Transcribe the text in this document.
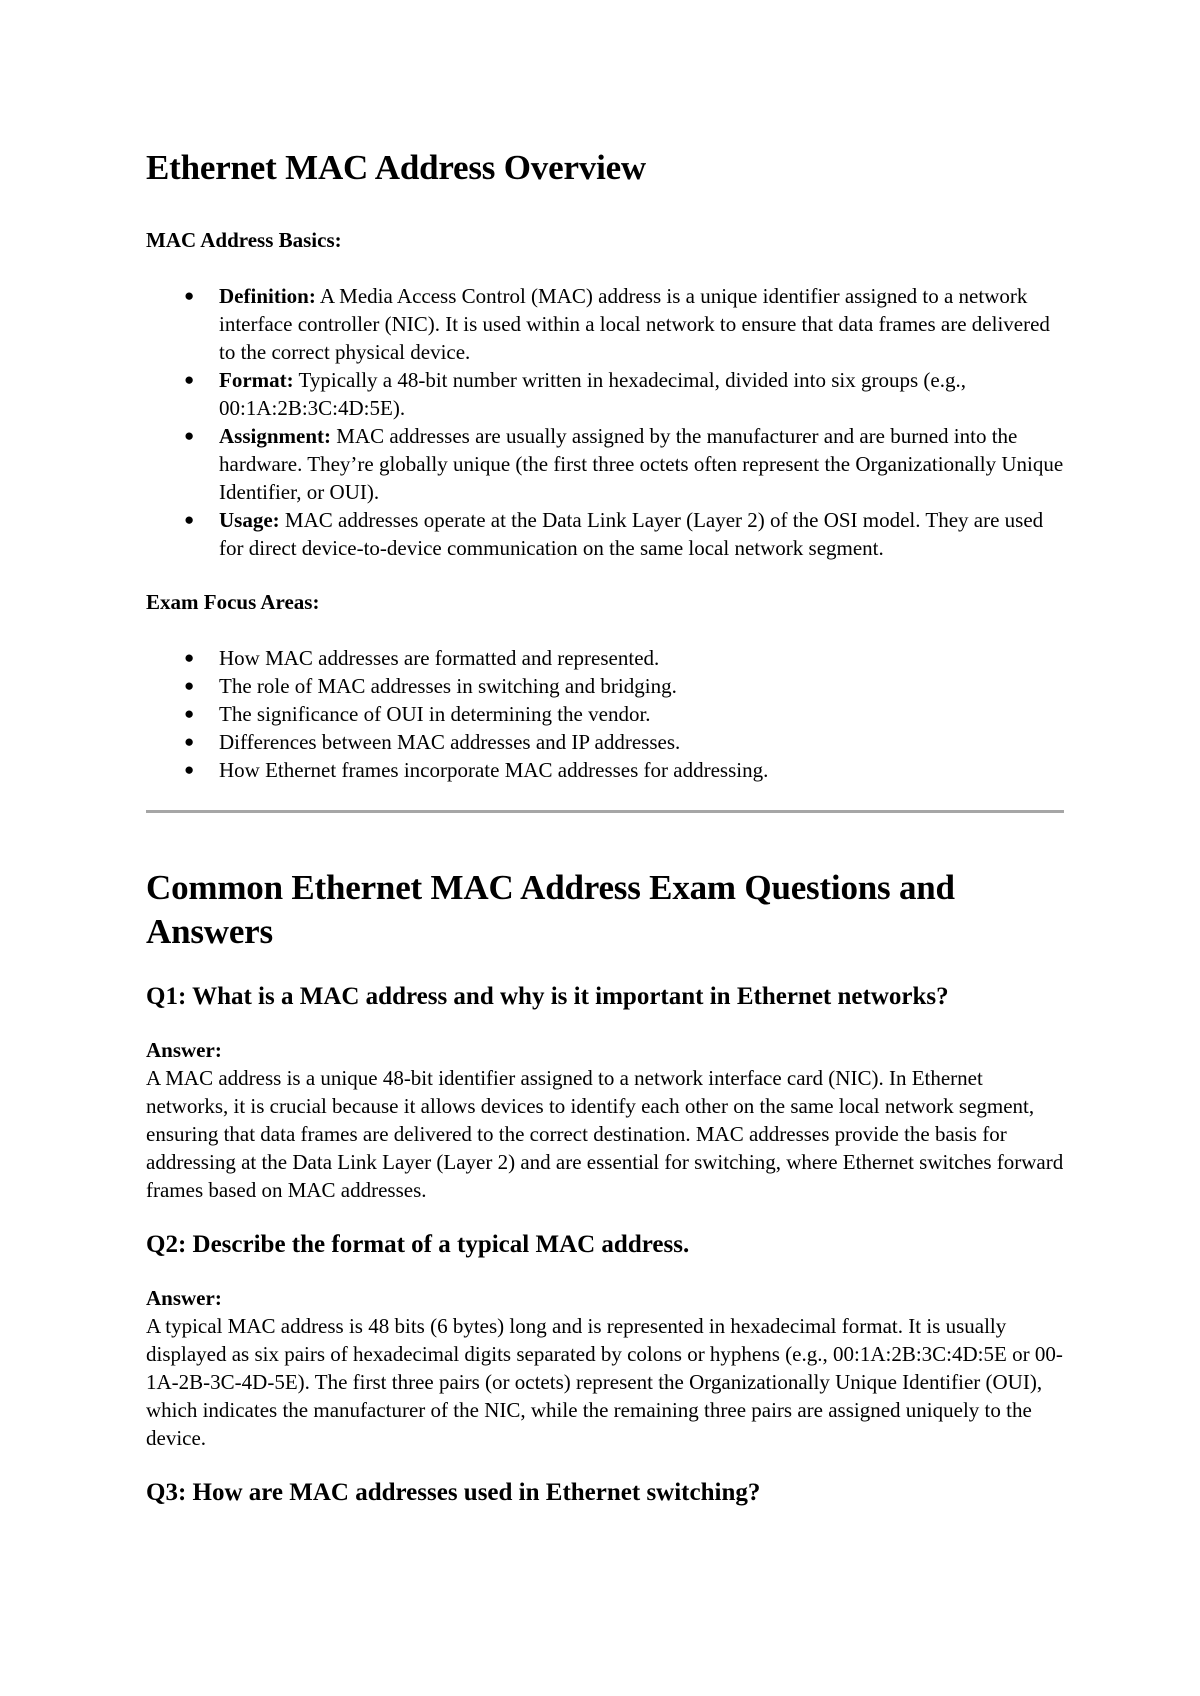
Ethernet MAC Address Overview

MAC Address Basics:

● Definition: A Media Access Control (MAC) address is a unique identifier assigned to a network interface controller (NIC). It is used within a local network to ensure that data frames are delivered to the correct physical device.
● Format: Typically a 48-bit number written in hexadecimal, divided into six groups (e.g., 00:1A:2B:3C:4D:5E).
● Assignment: MAC addresses are usually assigned by the manufacturer and are burned into the hardware. They’re globally unique (the first three octets often represent the Organizationally Unique Identifier, or OUI).
● Usage: MAC addresses operate at the Data Link Layer (Layer 2) of the OSI model. They are used for direct device-to-device communication on the same local network segment.

Exam Focus Areas:

● How MAC addresses are formatted and represented.
● The role of MAC addresses in switching and bridging.
● The significance of OUI in determining the vendor.
● Differences between MAC addresses and IP addresses.
● How Ethernet frames incorporate MAC addresses for addressing.
Common Ethernet MAC Address Exam Questions and
Answers
Q1: What is a MAC address and why is it important in Ethernet networks?

Answer:

A MAC address is a unique 48-bit identifier assigned to a network interface card (NIC). In Ethernet networks, it is crucial because it allows devices to identify each other on the same local network segment, ensuring that data frames are delivered to the correct destination. MAC addresses provide the basis for addressing at the Data Link Layer (Layer 2) and are essential for switching, where Ethernet switches forward frames based on MAC addresses.

Q2: Describe the format of a typical MAC address.

Answer:

A typical MAC address is 48 bits (6 bytes) long and is represented in hexadecimal format. It is usually displayed as six pairs of hexadecimal digits separated by colons or hyphens (e.g., 00:1A:2B:3C:4D:5E or 00-1A-2B-3C-4D-5E). The first three pairs (or octets) represent the Organizationally Unique Identifier (OUI), which indicates the manufacturer of the NIC, while the remaining three pairs are assigned uniquely to the device.

Q3: How are MAC addresses used in Ethernet switching?
